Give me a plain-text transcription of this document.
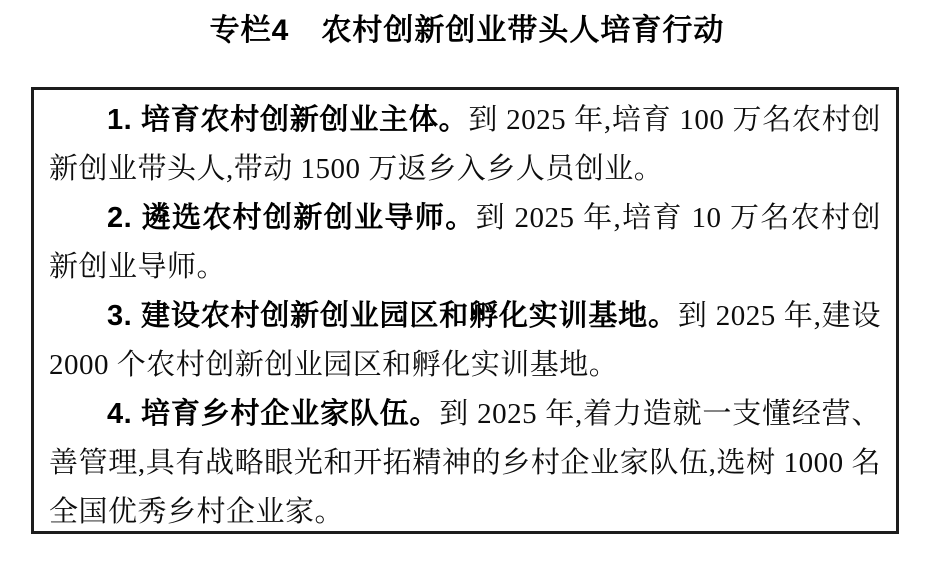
专栏4 农村创新创业带头人培育行动

1. 培育农村创新创业主体。到 2025 年,培育 100 万名农村创新创业带头人,带动 1500 万返乡入乡人员创业。

2. 遴选农村创新创业导师。到 2025 年,培育 10 万名农村创新创业导师。

3. 建设农村创新创业园区和孵化实训基地。到 2025 年,建设 2000 个农村创新创业园区和孵化实训基地。

4. 培育乡村企业家队伍。到 2025 年,着力造就一支懂经营、善管理,具有战略眼光和开拓精神的乡村企业家队伍,选树 1000 名全国优秀乡村企业家。
